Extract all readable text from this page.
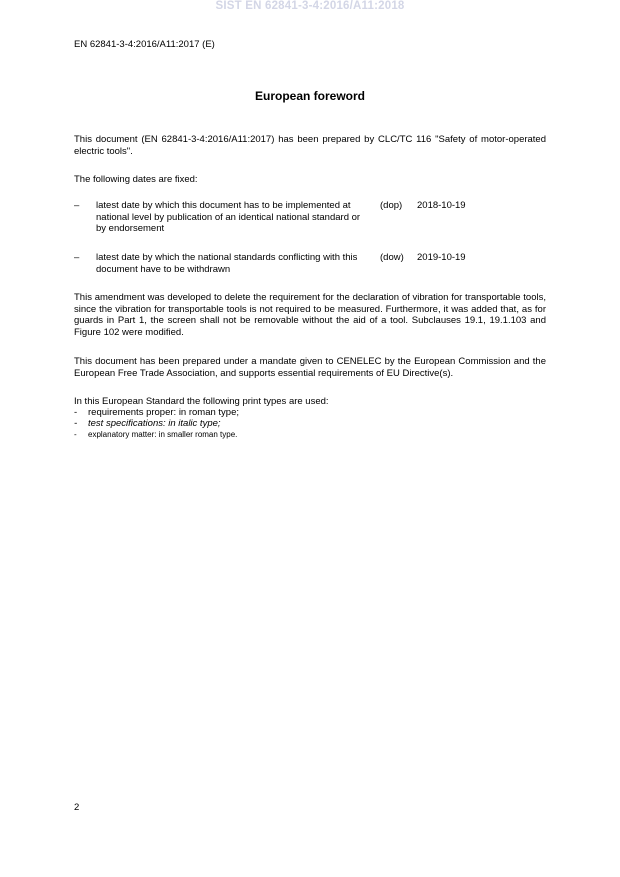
SIST EN 62841-3-4:2016/A11:2018
EN 62841-3-4:2016/A11:2017 (E)
European foreword
This document (EN 62841-3-4:2016/A11:2017) has been prepared by CLC/TC 116 "Safety of motor-operated electric tools".
The following dates are fixed:
– latest date by which this document has to be implemented at national level by publication of an identical national standard or by endorsement
(dop) 2018-10-19
– latest date by which the national standards conflicting with this document have to be withdrawn
(dow) 2019-10-19
This amendment was developed to delete the requirement for the declaration of vibration for transportable tools, since the vibration for transportable tools is not required to be measured. Furthermore, it was added that, as for guards in Part 1, the screen shall not be removable without the aid of a tool. Subclauses 19.1, 19.1.103 and Figure 102 were modified.
This document has been prepared under a mandate given to CENELEC by the European Commission and the European Free Trade Association, and supports essential requirements of EU Directive(s).
In this European Standard the following print types are used:
- requirements proper: in roman type;
- test specifications: in italic type;
- explanatory matter: in smaller roman type.
2
